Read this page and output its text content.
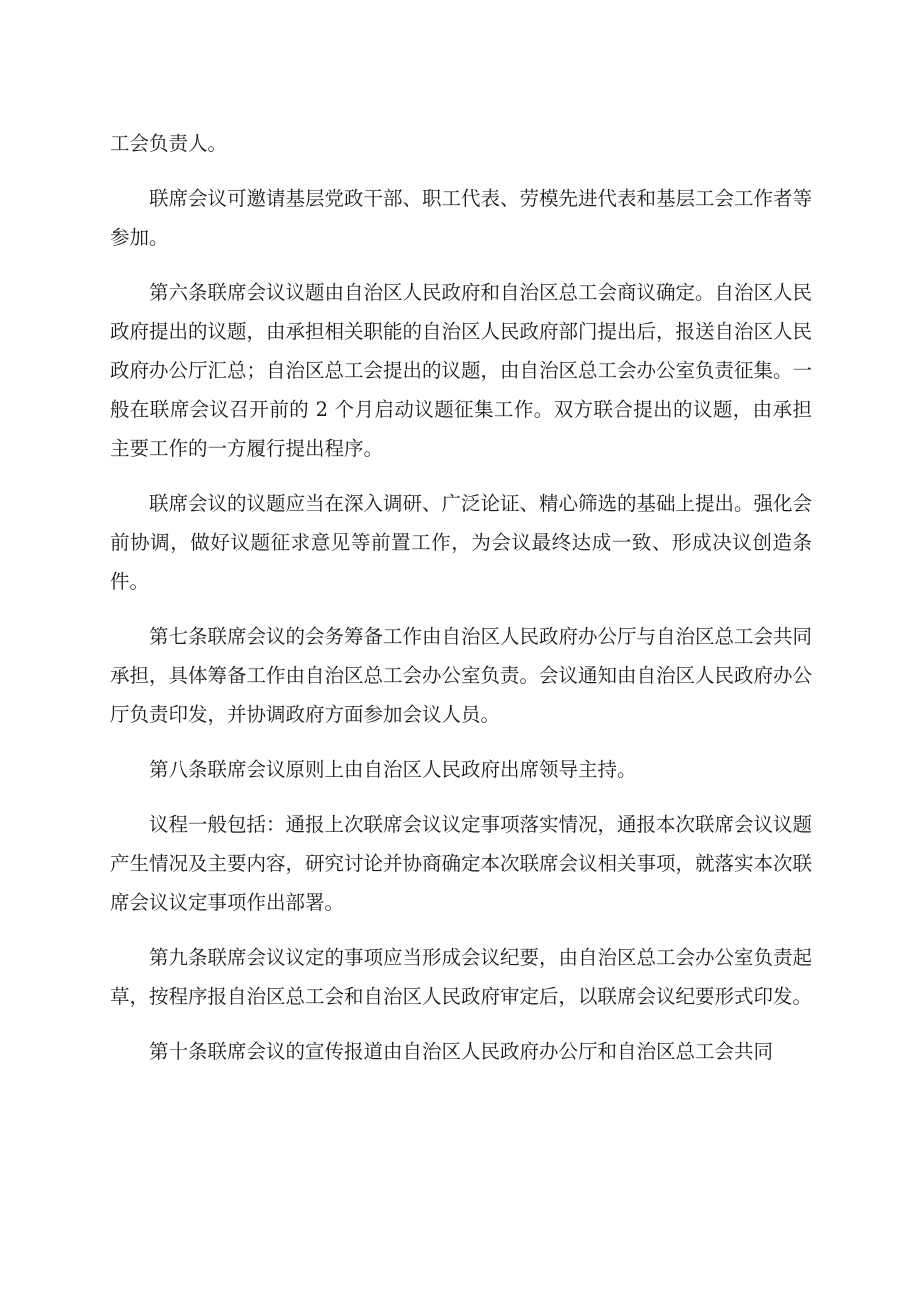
工会负责人。

联席会议可邀请基层党政干部、职工代表、劳模先进代表和基层工会工作者等参加。

第六条联席会议议题由自治区人民政府和自治区总工会商议确定。自治区人民政府提出的议题，由承担相关职能的自治区人民政府部门提出后，报送自治区人民政府办公厅汇总；自治区总工会提出的议题，由自治区总工会办公室负责征集。一般在联席会议召开前的 2 个月启动议题征集工作。双方联合提出的议题，由承担主要工作的一方履行提出程序。

联席会议的议题应当在深入调研、广泛论证、精心筛选的基础上提出。强化会前协调，做好议题征求意见等前置工作，为会议最终达成一致、形成决议创造条件。

第七条联席会议的会务筹备工作由自治区人民政府办公厅与自治区总工会共同承担，具体筹备工作由自治区总工会办公室负责。会议通知由自治区人民政府办公厅负责印发，并协调政府方面参加会议人员。

第八条联席会议原则上由自治区人民政府出席领导主持。

议程一般包括：通报上次联席会议议定事项落实情况，通报本次联席会议议题产生情况及主要内容，研究讨论并协商确定本次联席会议相关事项，就落实本次联席会议议定事项作出部署。

第九条联席会议议定的事项应当形成会议纪要，由自治区总工会办公室负责起草，按程序报自治区总工会和自治区人民政府审定后，以联席会议纪要形式印发。

第十条联席会议的宣传报道由自治区人民政府办公厅和自治区总工会共同
